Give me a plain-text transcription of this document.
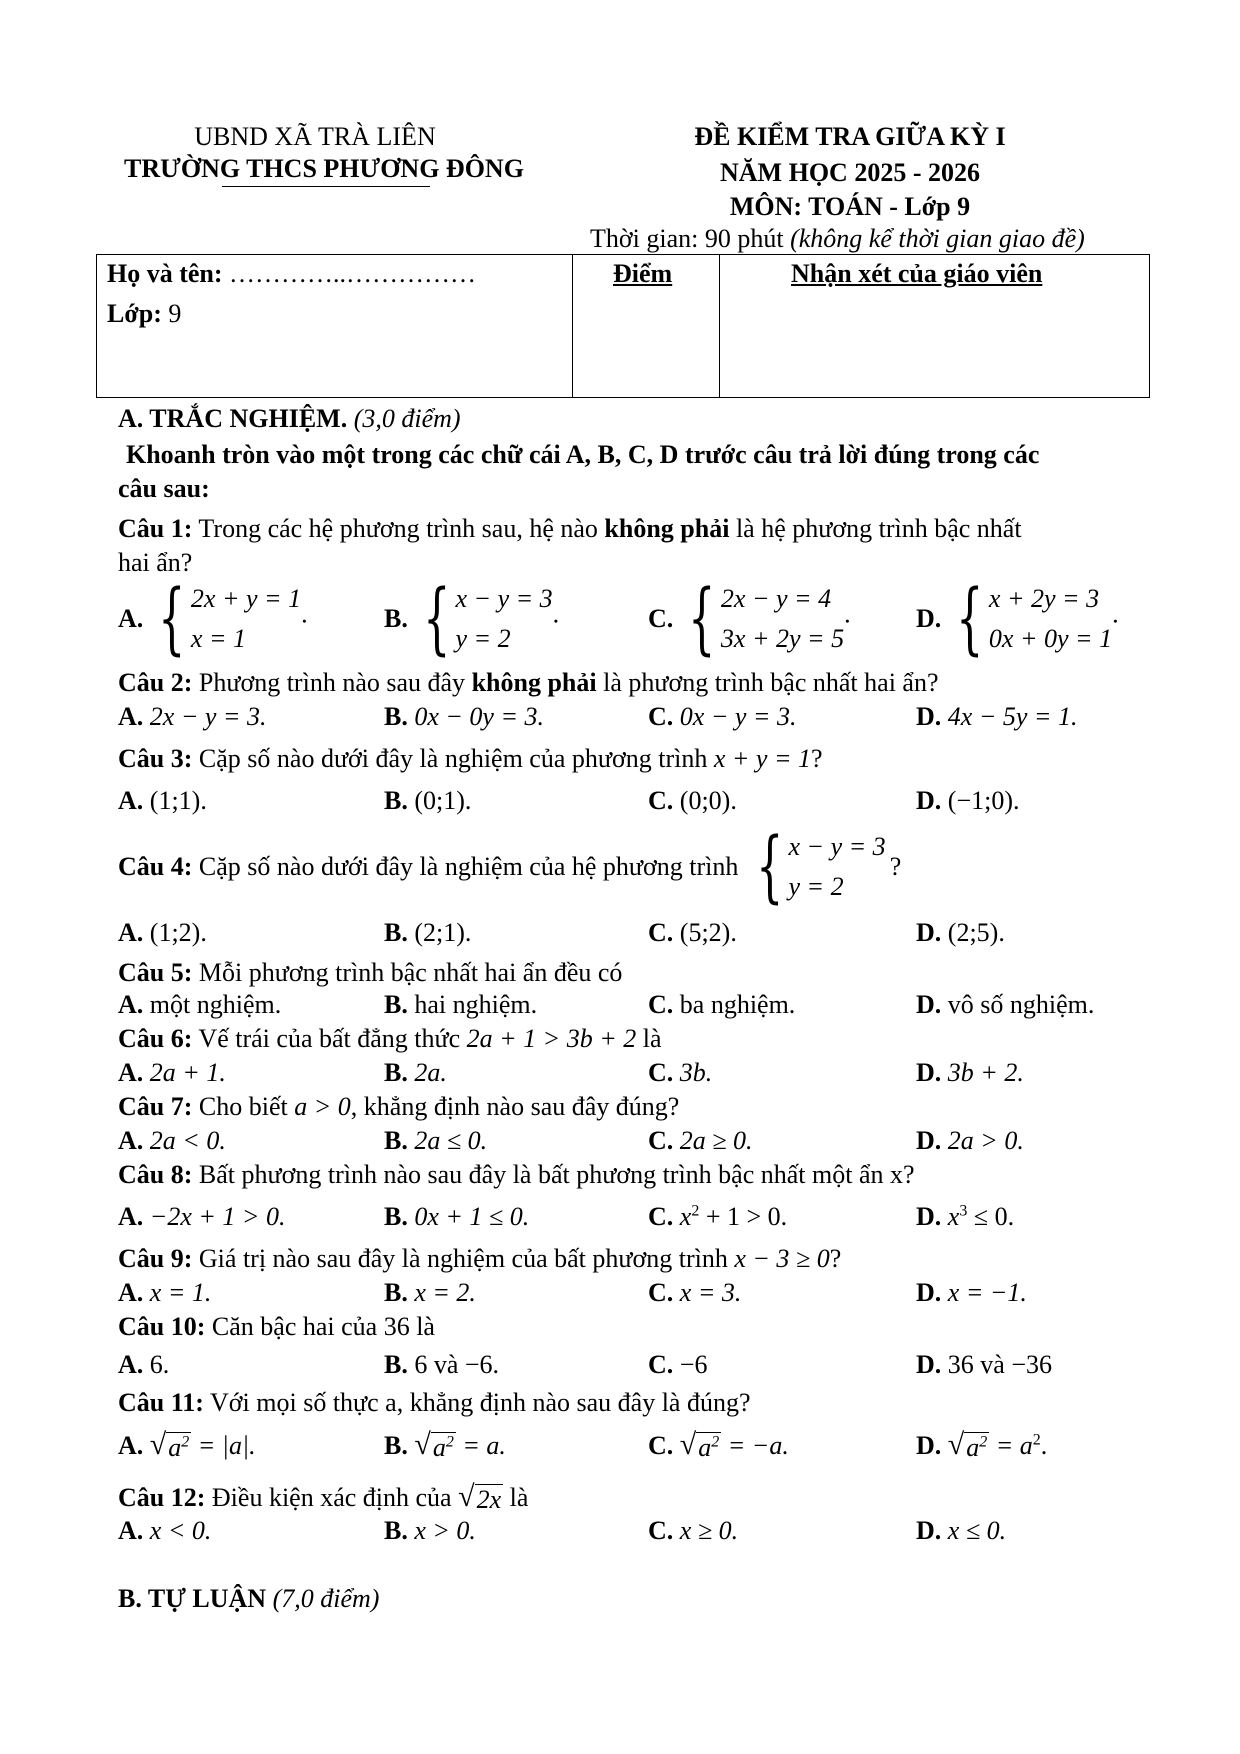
UBND XÃ TRÀ LIÊN
TRƯỜNG THCS PHƯƠNG ĐÔNG
ĐỀ KIỂM TRA GIỮA KỲ I
NĂM HỌC 2025 - 2026
MÔN: TOÁN - Lớp 9
Thời gian: 90 phút (không kể thời gian giao đề)
Họ và tên: …………..……………
Lớp: 9
Điểm	Nhận xét của giáo viên
A. TRẮC NGHIỆM. (3,0 điểm)
Khoanh tròn vào một trong các chữ cái A, B, C, D trước câu trả lời đúng trong các
câu sau:
Câu 1: Trong các hệ phương trình sau, hệ nào không phải là hệ phương trình bậc nhất
hai ẩn?
A. { 2x + y = 1
x = 1
.	B. { x − y = 3
y = 2
.	C. { 2x − y = 4
3x + 2y = 5
.	D. { x + 2y = 3
0x + 0y = 1
.
Câu 2: Phương trình nào sau đây không phải là phương trình bậc nhất hai ẩn?
A. 2x − y = 3.	B. 0x − 0y = 3.	C. 0x − y = 3.	D. 4x − 5y = 1.
Câu 3: Cặp số nào dưới đây là nghiệm của phương trình x + y = 1?
A. (1;1).	B. (0;1).	C. (0;0).	D. (−1;0).
Câu 4: Cặp số nào dưới đây là nghiệm của hệ phương trình { x − y = 3
y = 2
?
A. (1;2).	B. (2;1).	C. (5;2).	D. (2;5).
Câu 5: Mỗi phương trình bậc nhất hai ẩn đều có
A. một nghiệm.	B. hai nghiệm.	C. ba nghiệm.	D. vô số nghiệm.
Câu 6: Vế trái của bất đẳng thức 2a + 1 > 3b + 2 là
A. 2a + 1.	B. 2a.	C. 3b.	D. 3b + 2.
Câu 7: Cho biết a > 0, khẳng định nào sau đây đúng?
A. 2a < 0.	B. 2a ≤ 0.	C. 2a ≥ 0.	D. 2a > 0.
Câu 8: Bất phương trình nào sau đây là bất phương trình bậc nhất một ẩn x?
A. −2x + 1 > 0.	B. 0x + 1 ≤ 0.	C. $x^2 + 1 > 0$.	D. $x^3 \le 0$.
Câu 9: Giá trị nào sau đây là nghiệm của bất phương trình x − 3 ≥ 0?
A. x = 1.	B. x = 2.	C. x = 3.	D. x = −1.
Câu 10: Căn bậc hai của 36 là
A. 6.	B. 6 và −6.	C. −6	D. 36 và −36
Câu 11: Với mọi số thực a, khẳng định nào sau đây là đúng?
A. √ $a^2 = |a|$.	B. √ $a^2 = a$.	C. √ $a^2 = -a$.	D. √ $a^2 = a^2$.
Câu 12: Điều kiện xác định của √ 2x là
A. x < 0.	B. x > 0.	C. x ≥ 0.	D. x ≤ 0.
B. TỰ LUẬN (7,0 điểm)
